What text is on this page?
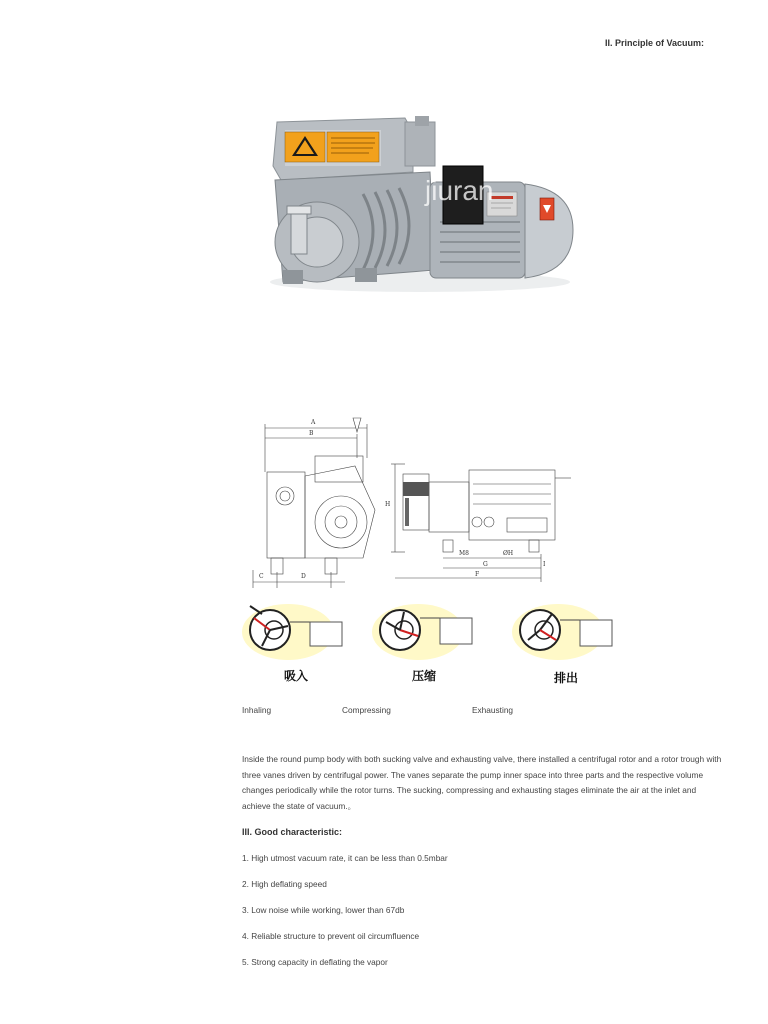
II. Principle of Vacuum:
jiuran
A
B
C	D
H
M8	ØH
G
F
I
吸入	压缩	排出
Inhaling	Compressing	Exhausting
Inside the round pump body with both sucking valve and exhausting valve, there installed a centrifugal rotor and a rotor trough with three vanes driven by centrifugal power. The vanes separate the pump inner space into three parts and the respective volume changes periodically while the rotor turns. The sucking, compressing and exhausting stages eliminate the air at the inlet and achieve the state of vacuum.。
III. Good characteristic:
1. High utmost vacuum rate, it can be less than 0.5mbar
2. High deflating speed
3. Low noise while working, lower than 67db
4. Reliable structure to prevent oil circumfluence
5. Strong capacity in deflating the vapor
